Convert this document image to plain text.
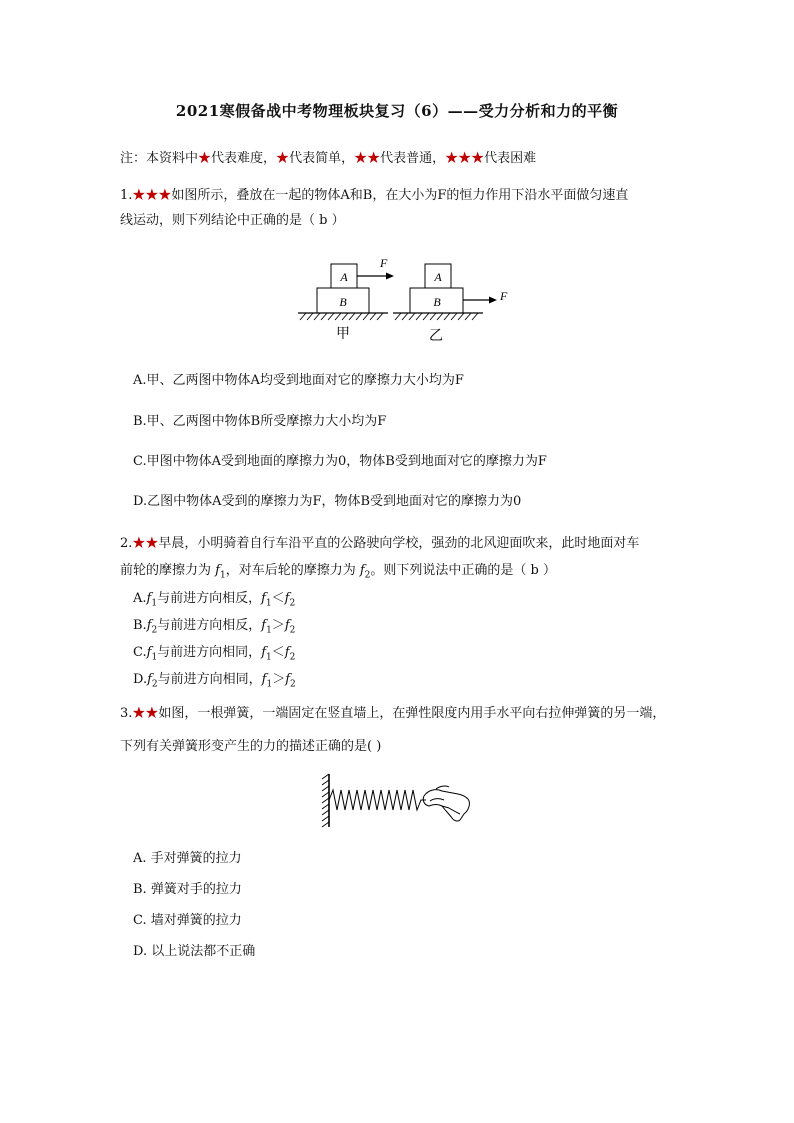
2021寒假备战中考物理板块复习（6）——受力分析和力的平衡
注：本资料中★代表难度，★代表简单，★★代表普通，★★★代表困难
1.★★★如图所示，叠放在一起的物体A和B，在大小为F的恒力作用下沿水平面做匀速直
线运动，则下列结论中正确的是（ b ）
A
B
F
甲
A
B	F
乙
A.甲、乙两图中物体A均受到地面对它的摩擦力大小均为F
B.甲、乙两图中物体B所受摩擦力大小均为F
C.甲图中物体A受到地面的摩擦力为0，物体B受到地面对它的摩擦力为F
D.乙图中物体A受到的摩擦力为F，物体B受到地面对它的摩擦力为0
2.★★早晨，小明骑着自行车沿平直的公路驶向学校，强劲的北风迎面吹来，此时地面对车
前轮的摩擦力为 $f_1$，对车后轮的摩擦力为 $f_2$。则下列说法中正确的是（ b ）
$A.f_1$与前进方向相反，$f_1<f_2$
$B.f_2$与前进方向相反，$f_1>f_2$
$C.f_1$与前进方向相同，$f_1<f_2$
$D.f_2$与前进方向相同，$f_1>f_2$
3.★★如图，一根弹簧，一端固定在竖直墙上，在弹性限度内用手水平向右拉伸弹簧的另一端，
下列有关弹簧形变产生的力的描述正确的是( )
A. 手对弹簧的拉力
B. 弹簧对手的拉力
C. 墙对弹簧的拉力
D. 以上说法都不正确
